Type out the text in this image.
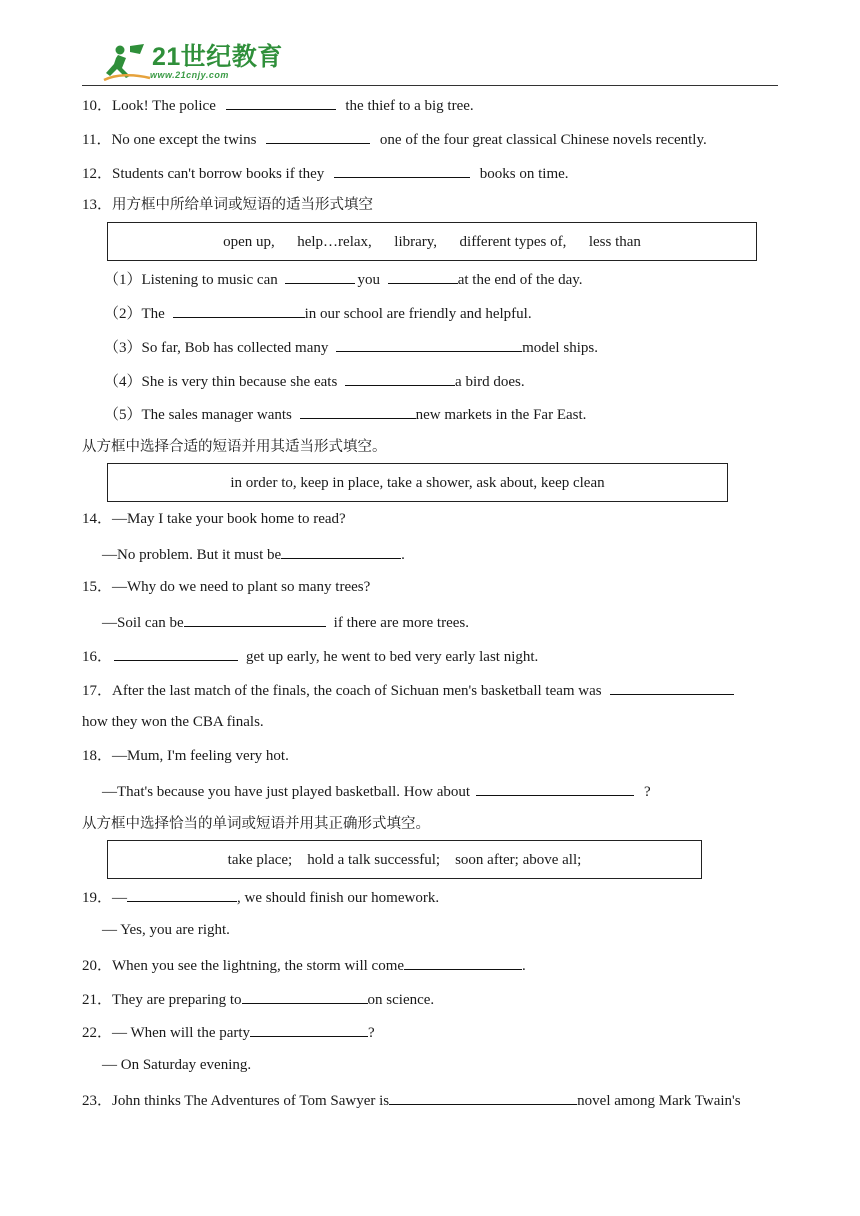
21世纪教育
www.21cnjy.com
10．Look! The police	the thief to a big tree.
11．No one except the twins	one of the four great classical Chinese novels recently.
12．Students can't borrow books if they	books on time.
13．用方框中所给单词或短语的适当形式填空
open up,      help…relax,      library,      different types of,      less than
（1）Listening to music can	you	at the end of the day.
（2）The	in our school are friendly and helpful.
（3）So far, Bob has collected many	model ships.
（4）She is very thin because she eats	a bird does.
（5）The sales manager wants	new markets in the Far East.
从方框中选择合适的短语并用其适当形式填空。
in order to, keep in place, take a shower, ask about, keep clean
14．—May I take your book home to read?
—No problem. But it must be	.
15．—Why do we need to plant so many trees?
—Soil can be	if there are more trees.
16．	get up early, he went to bed very early last night.
17．After the last match of the finals, the coach of Sichuan men's basketball team was
how they won the CBA finals.
18．—Mum, I'm feeling very hot.
—That's because you have just played basketball. How about	?
从方框中选择恰当的单词或短语并用其正确形式填空。
take place;    hold a talk successful;    soon after; above all;
19．—	, we should finish our homework.
— Yes, you are right.
20．When you see the lightning, the storm will come	.
21．They are preparing to	on science.
22．— When will the party	?
— On Saturday evening.
23．John thinks The Adventures of Tom Sawyer is	novel among Mark Twain's
